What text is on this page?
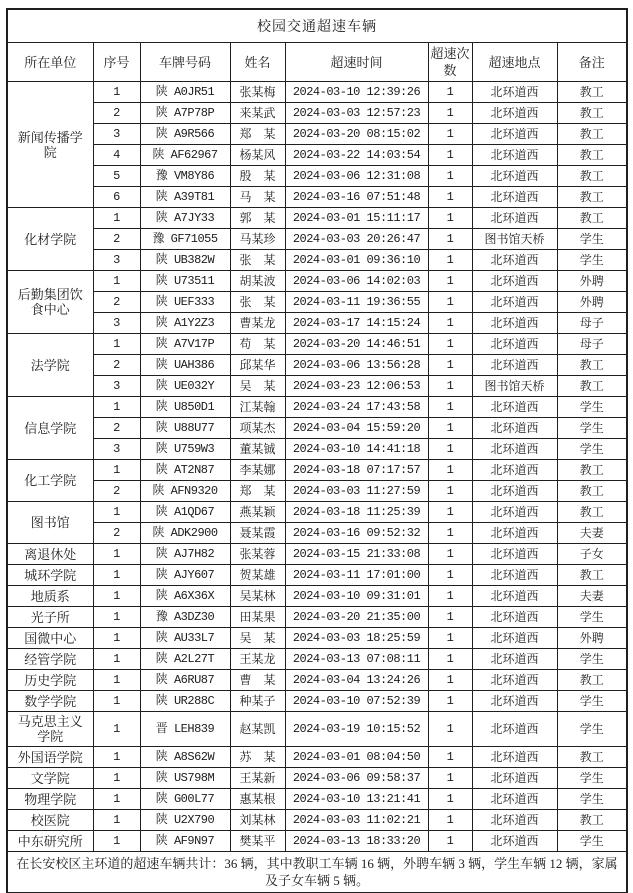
校园交通超速车辆							
所在单位	序号	车牌号码	姓名	超速时间	超速次数	超速地点	备注
新闻传播学院	1	陕 A0JR51	张某梅	2024-03-10 12:39:26	1	北环道西	教工
	2	陕 A7P78P	来某武	2024-03-03 12:57:23	1	北环道西	教工
	3	陕 A9R566	郑　某	2024-03-20 08:15:02	1	北环道西	教工
	4	陕 AF62967	杨某风	2024-03-22 14:03:54	1	北环道西	教工
	5	豫 VM8Y86	殷　某	2024-03-06 12:31:08	1	北环道西	教工
	6	陕 A39T81	马　某	2024-03-16 07:51:48	1	北环道西	教工
化材学院	1	陕 A7JY33	郭　某	2024-03-01 15:11:17	1	北环道西	教工
	2	豫 GF71055	马某珍	2024-03-03 20:26:47	1	图书馆天桥	学生
	3	陕 UB382W	张　某	2024-03-01 09:36:10	1	北环道西	学生
后勤集团饮食中心	1	陕 U73511	胡某波	2024-03-06 14:02:03	1	北环道西	外聘
	2	陕 UEF333	张　某	2024-03-11 19:36:55	1	北环道西	外聘
	3	陕 A1Y2Z3	曹某龙	2024-03-17 14:15:24	1	北环道西	母子
法学院	1	陕 A7V17P	苟　某	2024-03-20 14:46:51	1	北环道西	母子
	2	陕 UAH386	邱某华	2024-03-06 13:56:28	1	北环道西	教工
	3	陕 UE032Y	吴　某	2024-03-23 12:06:53	1	图书馆天桥	教工
信息学院	1	陕 U850D1	江某翰	2024-03-24 17:43:58	1	北环道西	学生
	2	陕 U88U77	项某杰	2024-03-04 15:59:20	1	北环道西	学生
	3	陕 U759W3	董某铖	2024-03-10 14:41:18	1	北环道西	学生
化工学院	1	陕 AT2N87	李某娜	2024-03-18 07:17:57	1	北环道西	教工
	2	陕 AFN9320	郑　某	2024-03-03 11:27:59	1	北环道西	教工
图书馆	1	陕 A1QD67	燕某颖	2024-03-18 11:25:39	1	北环道西	教工
	2	陕 ADK2900	聂某霞	2024-03-16 09:52:32	1	北环道西	夫妻
离退休处	1	陕 AJ7H82	张某蓉	2024-03-15 21:33:08	1	北环道西	子女
城环学院	1	陕 AJY607	贺某雄	2024-03-11 17:01:00	1	北环道西	教工
地质系	1	陕 A6X36X	吴某林	2024-03-10 09:31:01	1	北环道西	夫妻
光子所	1	豫 A3DZ30	田某果	2024-03-20 21:35:00	1	北环道西	学生
国微中心	1	陕 AU33L7	吴　某	2024-03-03 18:25:59	1	北环道西	外聘
经管学院	1	陕 A2L27T	王某龙	2024-03-13 07:08:11	1	北环道西	学生
历史学院	1	陕 A6RU87	曹　某	2024-03-04 13:24:26	1	北环道西	教工
数学学院	1	陕 UR288C	种某子	2024-03-10 07:52:39	1	北环道西	学生
马克思主义学院	1	晋 LEH839	赵某凯	2024-03-19 10:15:52	1	北环道西	学生
外国语学院	1	陕 A8S62W	苏　某	2024-03-01 08:04:50	1	北环道西	教工
文学院	1	陕 US798M	王某新	2024-03-06 09:58:37	1	北环道西	学生
物理学院	1	陕 G00L77	惠某根	2024-03-10 13:21:41	1	北环道西	学生
校医院	1	陕 U2X790	刘某林	2024-03-03 11:02:21	1	北环道西	教工
中东研究所	1	陕 AF9N97	樊某平	2024-03-13 18:33:20	1	北环道西	学生
在长安校区主环道的超速车辆共计：36 辆，其中教职工车辆 16 辆，外聘车辆 3 辆，学生车辆 12 辆，家属及子女车辆 5 辆。							
